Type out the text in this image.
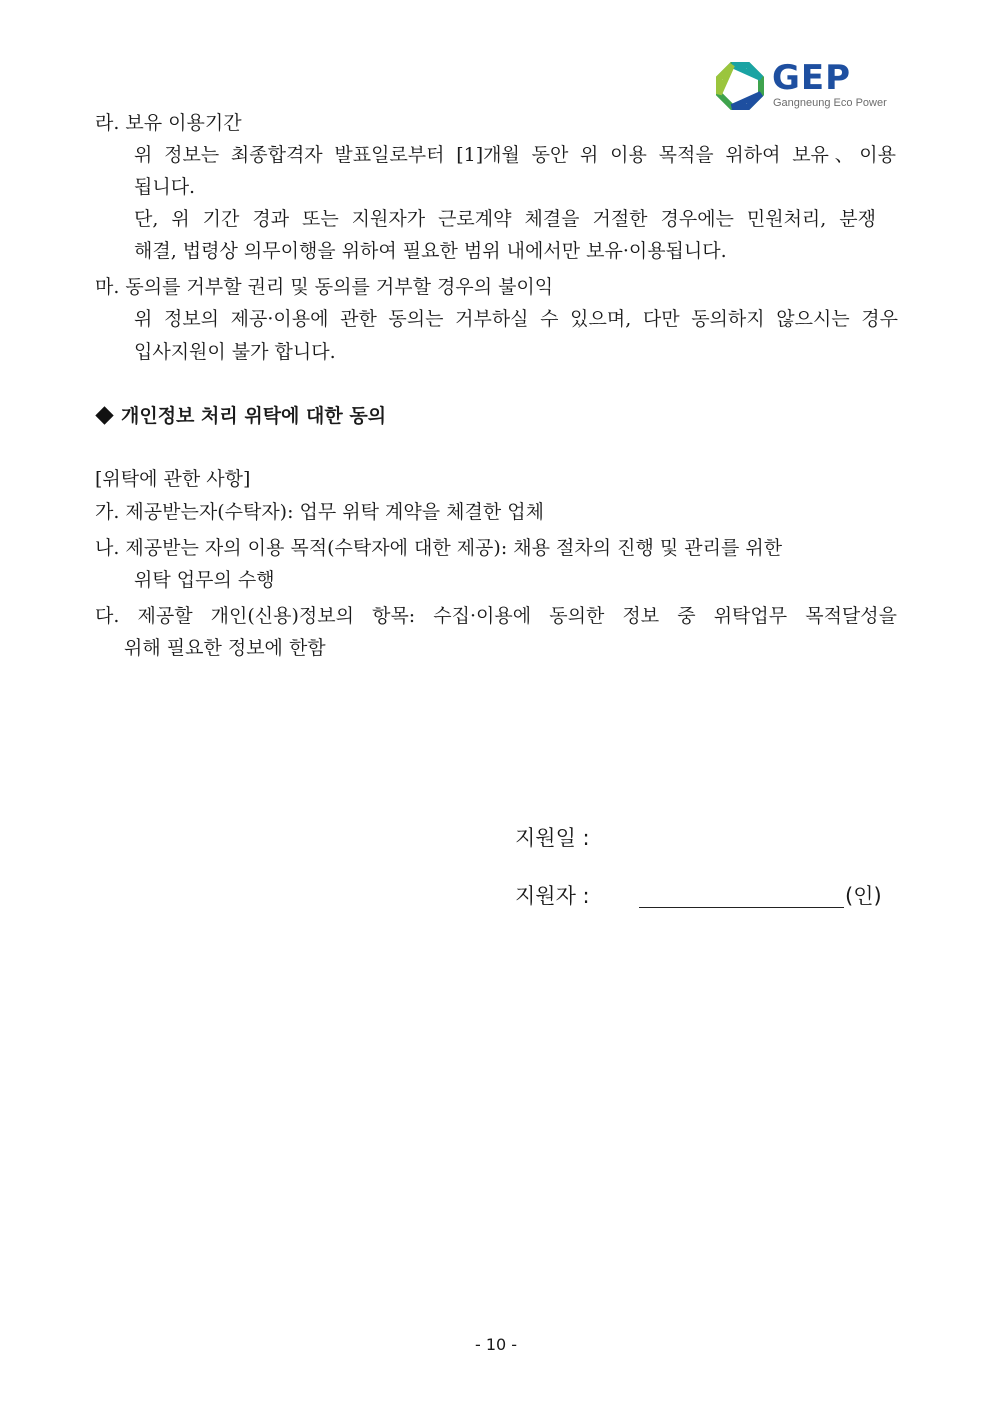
GEP
Gangneung Eco Power
라. 보유 이용기간
위 정보는 최종합격자 발표일로부터 [1]개월 동안 위 이용 목적을 위하여 보유、이용
됩니다.
단, 위 기간 경과 또는 지원자가 근로계약 체결을 거절한 경우에는 민원처리, 분쟁
해결, 법령상 의무이행을 위하여 필요한 범위 내에서만 보유·이용됩니다.
마. 동의를 거부할 권리 및 동의를 거부할 경우의 불이익
위 정보의 제공·이용에 관한 동의는 거부하실 수 있으며, 다만 동의하지 않으시는 경우
입사지원이 불가 합니다.
개인정보 처리 위탁에 대한 동의
[위탁에 관한 사항]
가. 제공받는자(수탁자): 업무 위탁 계약을 체결한 업체
나. 제공받는 자의 이용 목적(수탁자에 대한 제공): 채용 절차의 진행 및 관리를 위한
위탁 업무의 수행
다. 제공할 개인(신용)정보의 항목: 수집·이용에 동의한 정보 중 위탁업무 목적달성을
위해 필요한 정보에 한함
지원일 :
지원자 :	(인)
- 10 -
